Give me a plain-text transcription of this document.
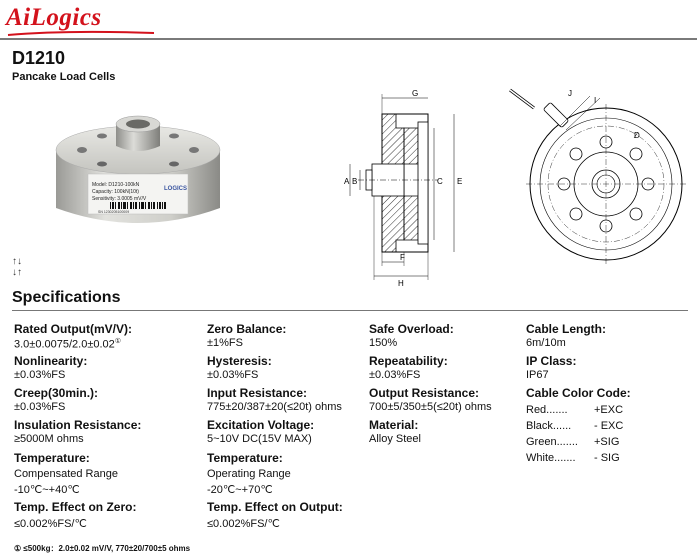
AiLogics
D1210
Pancake Load Cells
Model: D1210-100kN
Capacity: 100kN(10t)
Sensitivity: 3.0005 mV/V
LOGICS
SN 1230205100009
A B	C E
G
F
H
J
I
D
↑↓
↓↑
Specifications
Rated Output(mV/V):
3.0±0.0075/2.0±0.02①
Nonlinearity:
±0.03%FS
Creep(30min.):
±0.03%FS
Insulation Resistance:
≥5000M ohms
Temperature:
Compensated Range
-10℃~+40℃
Temp. Effect on Zero:
≤0.002%FS/℃
Zero Balance:
±1%FS
Hysteresis:
±0.03%FS
Input Resistance:
775±20/387±20(≤20t) ohms
Excitation Voltage:
5~10V DC(15V MAX)
Temperature:
Operating Range
-20℃~+70℃
Temp. Effect on Output:
≤0.002%FS/℃
Safe Overload:
150%
Repeatability:
±0.03%FS
Output Resistance:
700±5/350±5(≤20t) ohms
Material:
Alloy Steel
Cable Length:
6m/10m
IP Class:
IP67
Cable Color Code:
Red....... +EXC
Black...... - EXC
Green....... +SIG
White....... - SIG
① ≤500kg：2.0±0.02 mV/V, 770±20/700±5 ohms
